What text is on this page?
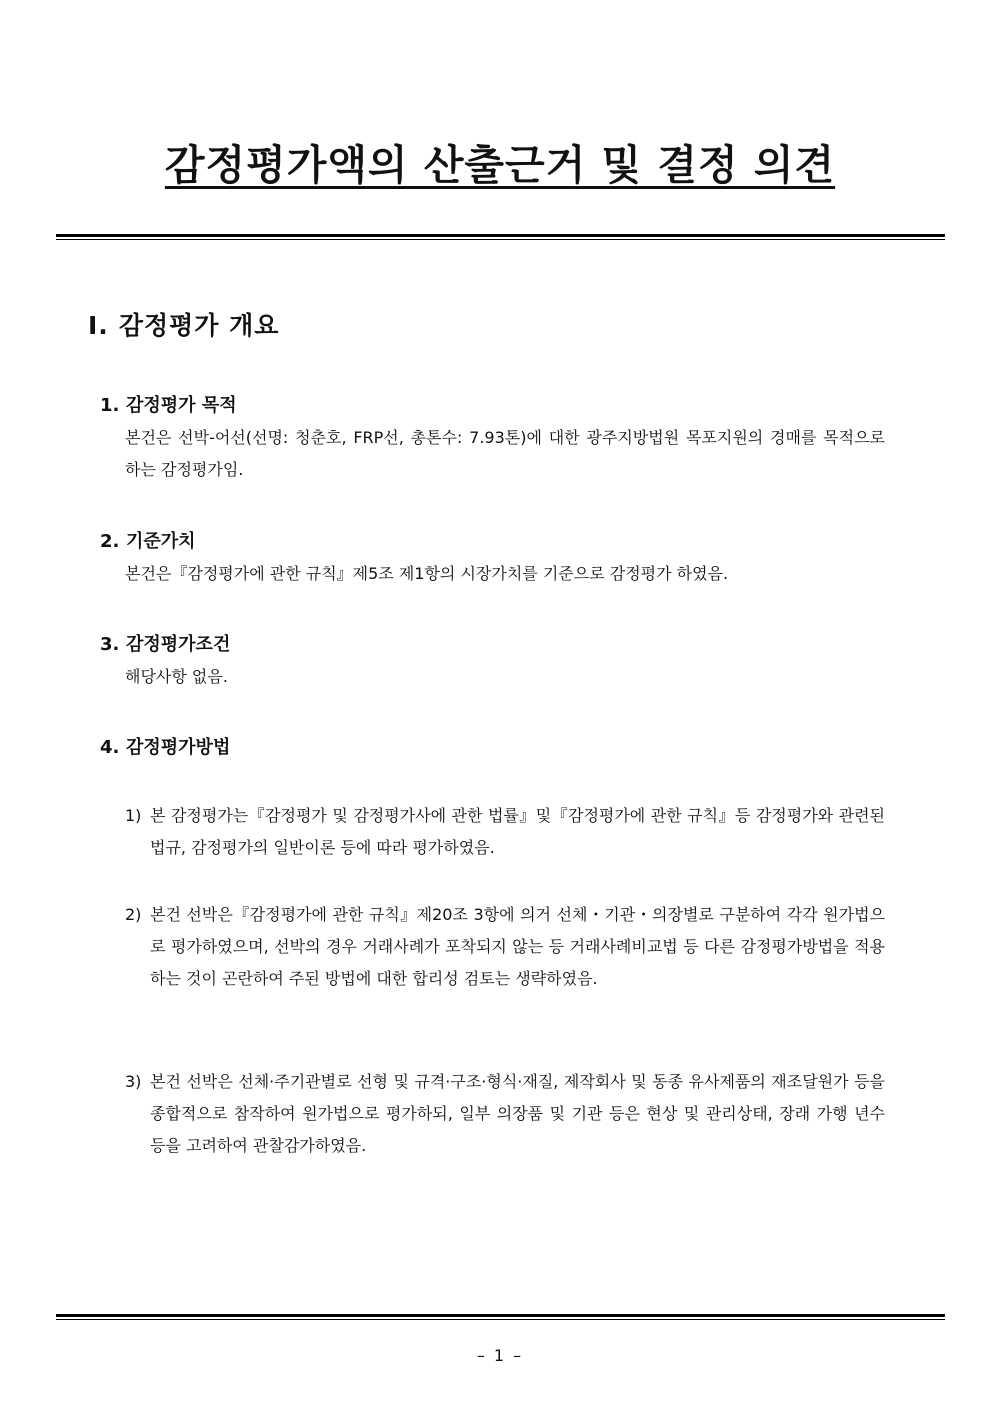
감정평가액의 산출근거 및 결정 의견
Ⅰ. 감정평가 개요
1. 감정평가 목적
본건은 선박-어선(선명: 청춘호, FRP선, 총톤수: 7.93톤)에 대한 광주지방법원 목포지원의 경매를 목적으로 하는 감정평가임.
2. 기준가치
본건은『감정평가에 관한 규칙』제5조 제1항의 시장가치를 기준으로 감정평가 하였음.
3. 감정평가조건
해당사항 없음.
4. 감정평가방법
1) 본 감정평가는『감정평가 및 감정평가사에 관한 법률』및『감정평가에 관한 규칙』등 감정평가와 관련된 법규, 감정평가의 일반이론 등에 따라 평가하였음.
2) 본건 선박은『감정평가에 관한 규칙』제20조 3항에 의거 선체・기관・의장별로 구분하여 각각 원가법으로 평가하였으며, 선박의 경우 거래사례가 포착되지 않는 등 거래사례비교법 등 다른 감정평가방법을 적용하는 것이 곤란하여 주된 방법에 대한 합리성 검토는 생략하였음.
3) 본건 선박은 선체·주기관별로 선형 및 규격·구조·형식·재질, 제작회사 및 동종 유사제품의 재조달원가 등을 종합적으로 참작하여 원가법으로 평가하되, 일부 의장품 및 기관 등은 현상 및 관리상태, 장래 가행 년수 등을 고려하여 관찰감가하였음.
– 1 –
